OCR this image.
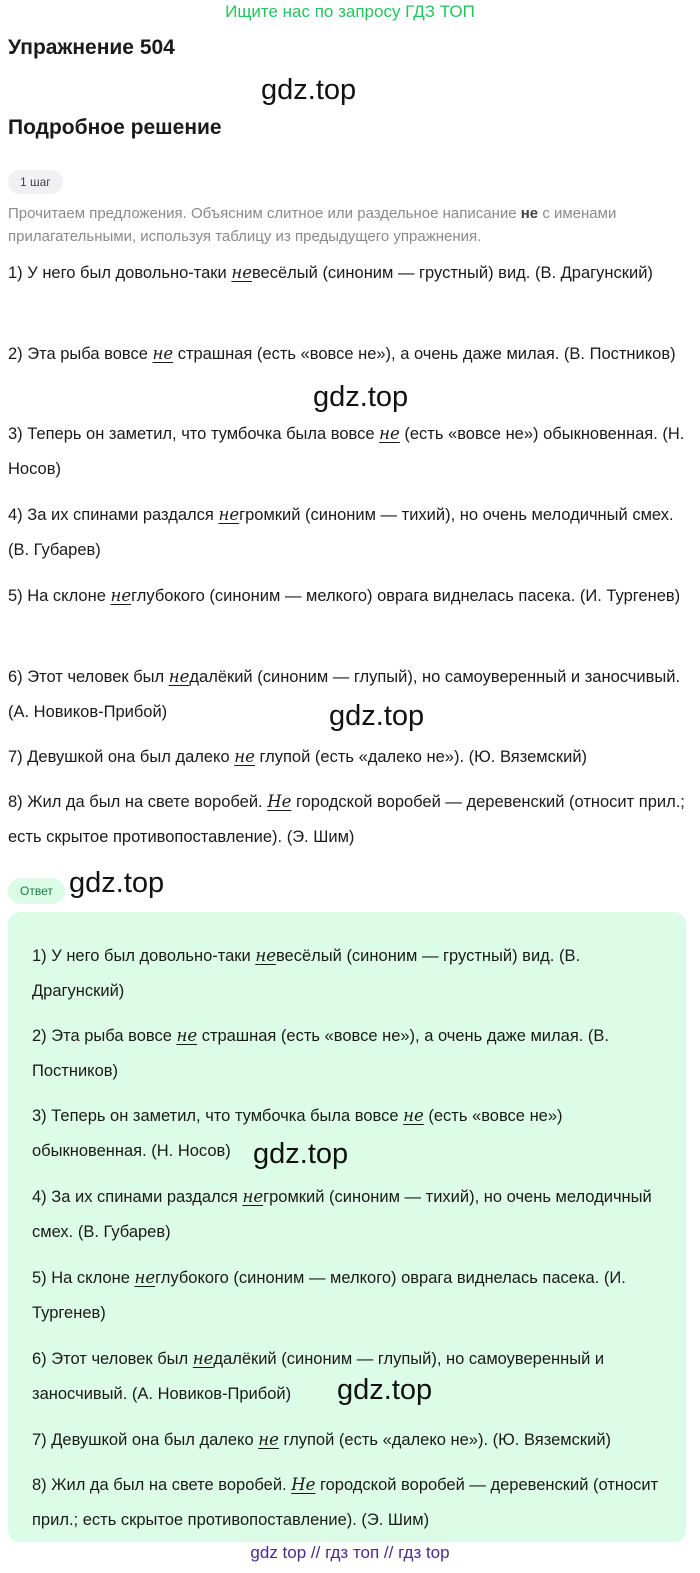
Ищите нас по запросу ГДЗ ТОП
Упражнение 504
gdz.top
Подробное решение
1 шаг

Прочитаем предложения. Объясним слитное или раздельное написание не с именами прилагательными, используя таблицу из предыдущего упражнения.

1) У него был довольно-таки невесёлый (синоним — грустный) вид. (В. Драгунский)

2) Эта рыба вовсе не страшная (есть «вовсе не»), а очень даже милая. (В. Постников)

gdz.top

3) Теперь он заметил, что тумбочка была вовсе не (есть «вовсе не») обыкновенная. (Н. Носов)

4) За их спинами раздался негромкий (синоним — тихий), но очень мелодичный смех. (В. Губарев)

5) На склоне неглубокого (синоним — мелкого) оврага виднелась пасека. (И. Тургенев)

6) Этот человек был недалёкий (синоним — глупый), но самоуверенный и заносчивый. (А. Новиков-Прибой)	gdz.top

7) Девушкой она был далеко не глупой (есть «далеко не»). (Ю. Вяземский)

8) Жил да был на свете воробей. Не городской воробей — деревенский (относит прил.; есть скрытое противопоставление). (Э. Шим)

Ответ gdz.top

1) У него был довольно-таки невесёлый (синоним — грустный) вид. (В. Драгунский)

2) Эта рыба вовсе не страшная (есть «вовсе не»), а очень даже милая. (В. Постников)

3) Теперь он заметил, что тумбочка была вовсе не (есть «вовсе не») обыкновенная. (Н. Носов) gdz.top

4) За их спинами раздался негромкий (синоним — тихий), но очень мелодичный смех. (В. Губарев)

5) На склоне неглубокого (синоним — мелкого) оврага виднелась пасека. (И. Тургенев)

6) Этот человек был недалёкий (синоним — глупый), но самоуверенный и заносчивый. (А. Новиков-Прибой)	gdz.top

7) Девушкой она был далеко не глупой (есть «далеко не»). (Ю. Вяземский)

8) Жил да был на свете воробей. Не городской воробей — деревенский (относит прил.; есть скрытое противопоставление). (Э. Шим)

gdz top // гдз топ // гдз top
